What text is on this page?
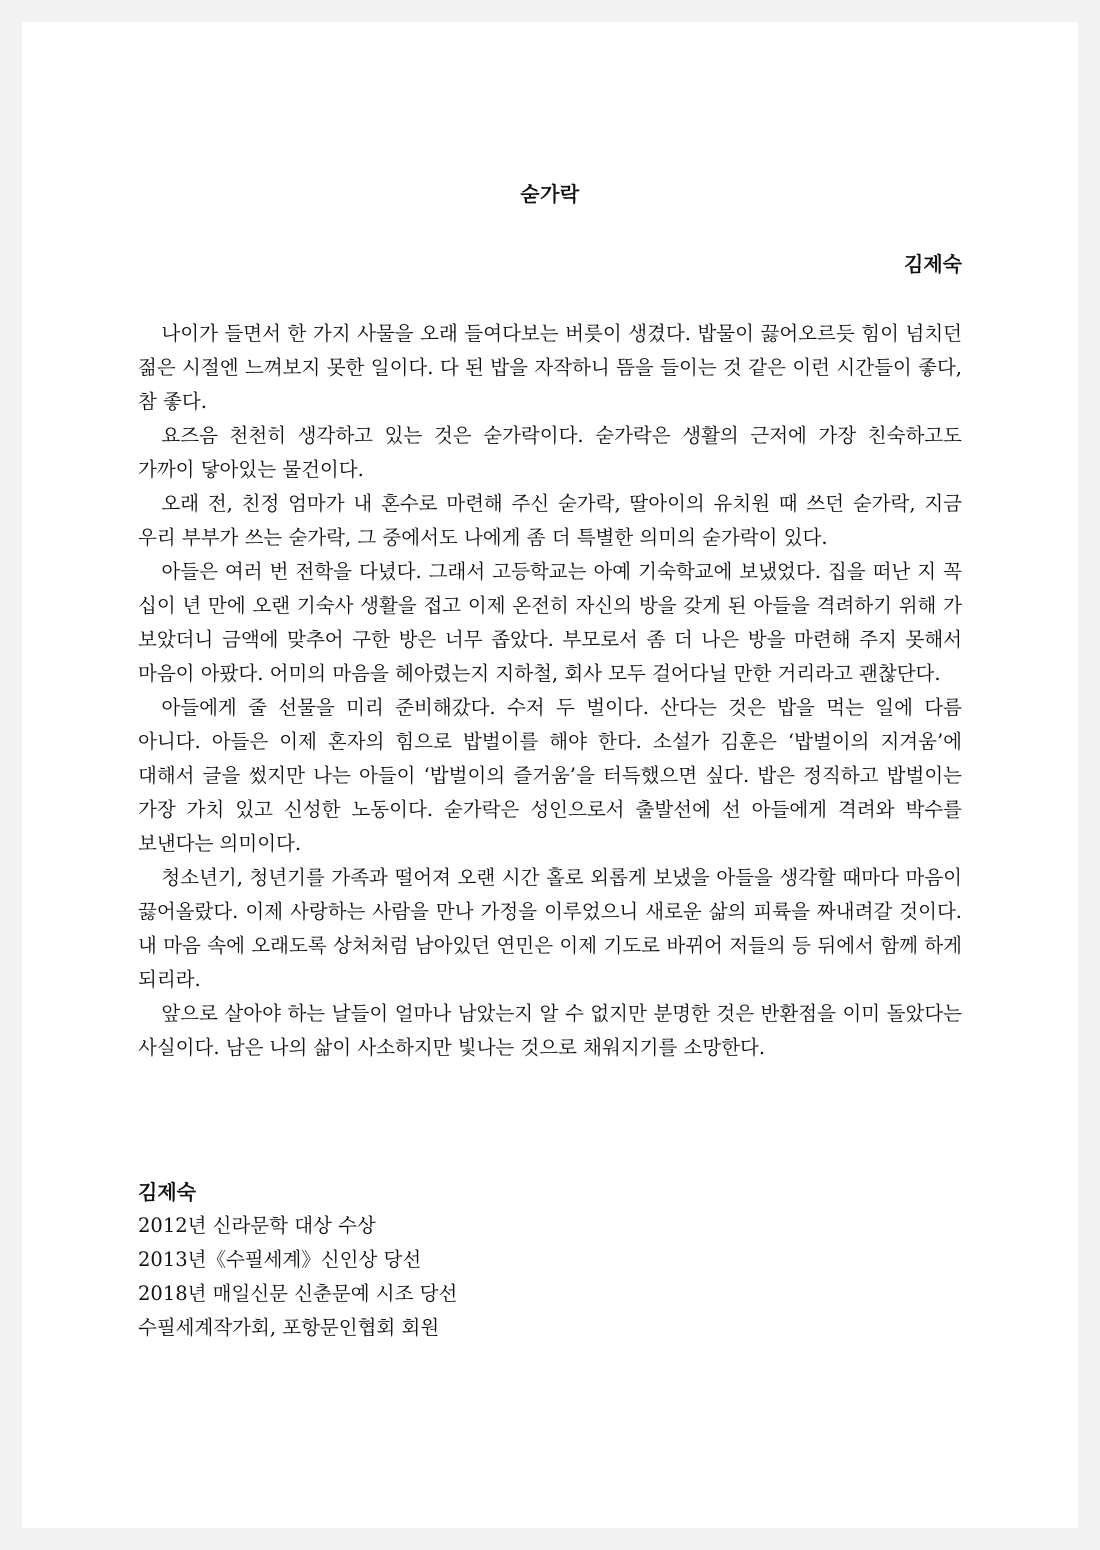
숟가락

김제숙

나이가 들면서 한 가지 사물을 오래 들여다보는 버릇이 생겼다. 밥물이 끓어오르듯 힘이 넘치던 젊은 시절엔 느껴보지 못한 일이다. 다 된 밥을 자작하니 뜸을 들이는 것 같은 이런 시간들이 좋다, 참 좋다.

요즈음 천천히 생각하고 있는 것은 숟가락이다. 숟가락은 생활의 근저에 가장 친숙하고도 가까이 닿아있는 물건이다.

오래 전, 친정 엄마가 내 혼수로 마련해 주신 숟가락, 딸아이의 유치원 때 쓰던 숟가락, 지금 우리 부부가 쓰는 숟가락, 그 중에서도 나에게 좀 더 특별한 의미의 숟가락이 있다.

아들은 여러 번 전학을 다녔다. 그래서 고등학교는 아예 기숙학교에 보냈었다. 집을 떠난 지 꼭 십이 년 만에 오랜 기숙사 생활을 접고 이제 온전히 자신의 방을 갖게 된 아들을 격려하기 위해 가 보았더니 금액에 맞추어 구한 방은 너무 좁았다. 부모로서 좀 더 나은 방을 마련해 주지 못해서 마음이 아팠다. 어미의 마음을 헤아렸는지 지하철, 회사 모두 걸어다닐 만한 거리라고 괜찮단다.

아들에게 줄 선물을 미리 준비해갔다. 수저 두 벌이다. 산다는 것은 밥을 먹는 일에 다름 아니다. 아들은 이제 혼자의 힘으로 밥벌이를 해야 한다. 소설가 김훈은 ‘밥벌이의 지겨움’에 대해서 글을 썼지만 나는 아들이 ‘밥벌이의 즐거움’을 터득했으면 싶다. 밥은 정직하고 밥벌이는 가장 가치 있고 신성한 노동이다. 숟가락은 성인으로서 출발선에 선 아들에게 격려와 박수를 보낸다는 의미이다.

청소년기, 청년기를 가족과 떨어져 오랜 시간 홀로 외롭게 보냈을 아들을 생각할 때마다 마음이 끓어올랐다. 이제 사랑하는 사람을 만나 가정을 이루었으니 새로운 삶의 피륙을 짜내려갈 것이다. 내 마음 속에 오래도록 상처처럼 남아있던 연민은 이제 기도로 바뀌어 저들의 등 뒤에서 함께 하게 되리라.

앞으로 살아야 하는 날들이 얼마나 남았는지 알 수 없지만 분명한 것은 반환점을 이미 돌았다는 사실이다. 남은 나의 삶이 사소하지만 빛나는 것으로 채워지기를 소망한다.

김제숙

2012년 신라문학 대상 수상

2013년《수필세계》신인상 당선

2018년 매일신문 신춘문예 시조 당선

수필세계작가회, 포항문인협회 회원
